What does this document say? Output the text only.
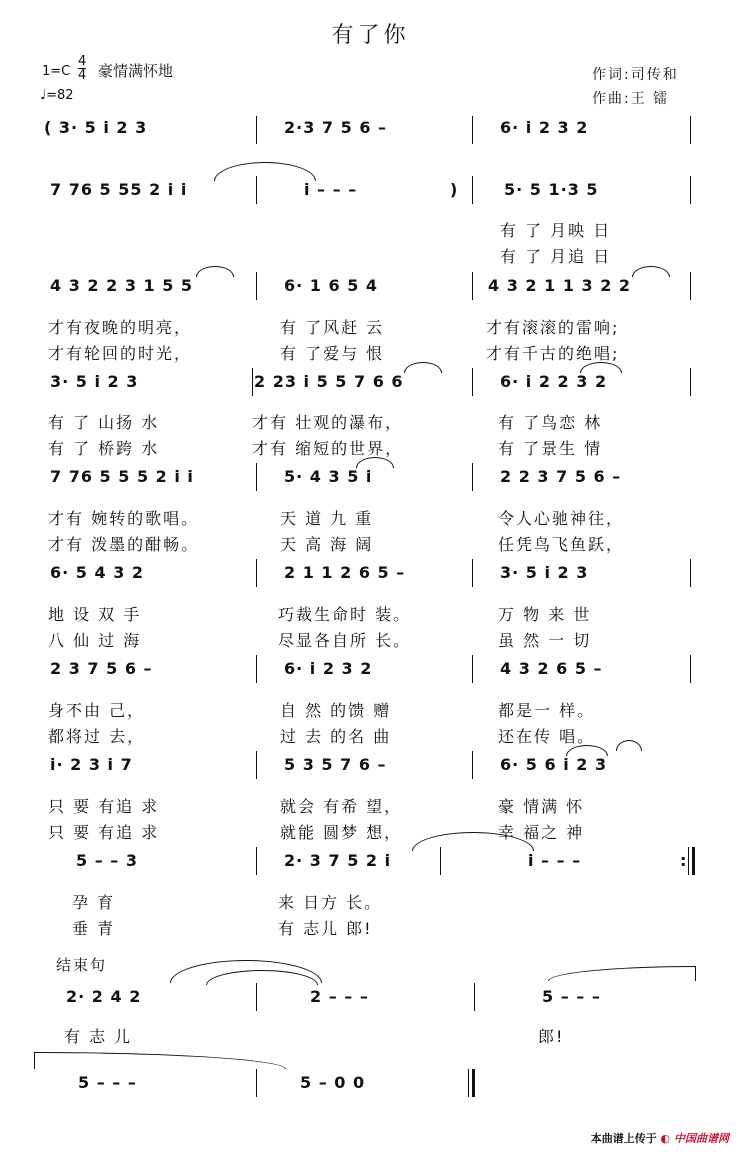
有了你
1=C
4
4 豪情满怀地
♩=82
作词:司传和
作曲:王 镭
( 3· 5 i 2 3	2·3 7 5 6 –	6· i 2 3 2
7 76 5 55 2 i i	i – – –	)	5· 5 1·3 5
有 了 月映 日
有 了 月追 日
4 3 2 2 3 1 5 5	6· 1 6 5 4	4 3 2 1 1 3 2 2
才有夜晚的明亮，	有 了风赶 云	才有滚滚的雷响;
才有轮回的时光，	有 了爱与 恨	才有千古的绝唱;
3· 5 i 2 3	2 23 i 5 5 7 6 6	6· i 2 2 3 2
有 了 山扬 水	才有 壮观的瀑布，	有 了鸟恋 林
有 了 桥跨 水	才有 缩短的世界，	有 了景生 情
7 76 5 5 5 2 i i	5· 4 3 5 i	2 2 3 7 5 6 –
才有 婉转的歌唱。	天 道 九 重	令人心驰神往，
才有 泼墨的酣畅。	天 高 海 阔	任凭鸟飞鱼跃，
6· 5 4 3 2	2 1 1 2 6 5 –	3· 5 i 2 3
地 设 双 手	巧裁生命时 装。	万 物 来 世
八 仙 过 海	尽显各自所 长。	虽 然 一 切
2 3 7 5 6 –	6· i 2 3 2	4 3 2 6 5 –
身不由 己，	自 然 的馈 赠	都是一 样。
都将过 去，	过 去 的名 曲	还在传 唱。
i· 2 3 i 7	5 3 5 7 6 –	6· 5 6 i 2 3
只 要 有追 求	就会 有希 望，	豪 情满 怀
只 要 有追 求	就能 圆梦 想，	幸 福之 神
5 – – 3	2· 3 7 5 2 i	i – – –	:
孕 育	来 日方 长。
垂 青	有 志儿 郎!
结束句
2· 2 4 2	2 – – –	5 – – –
有 志 儿	郎!
5 – – –	5 – 0 0
本曲谱上传于 ◐ 中国曲谱网
